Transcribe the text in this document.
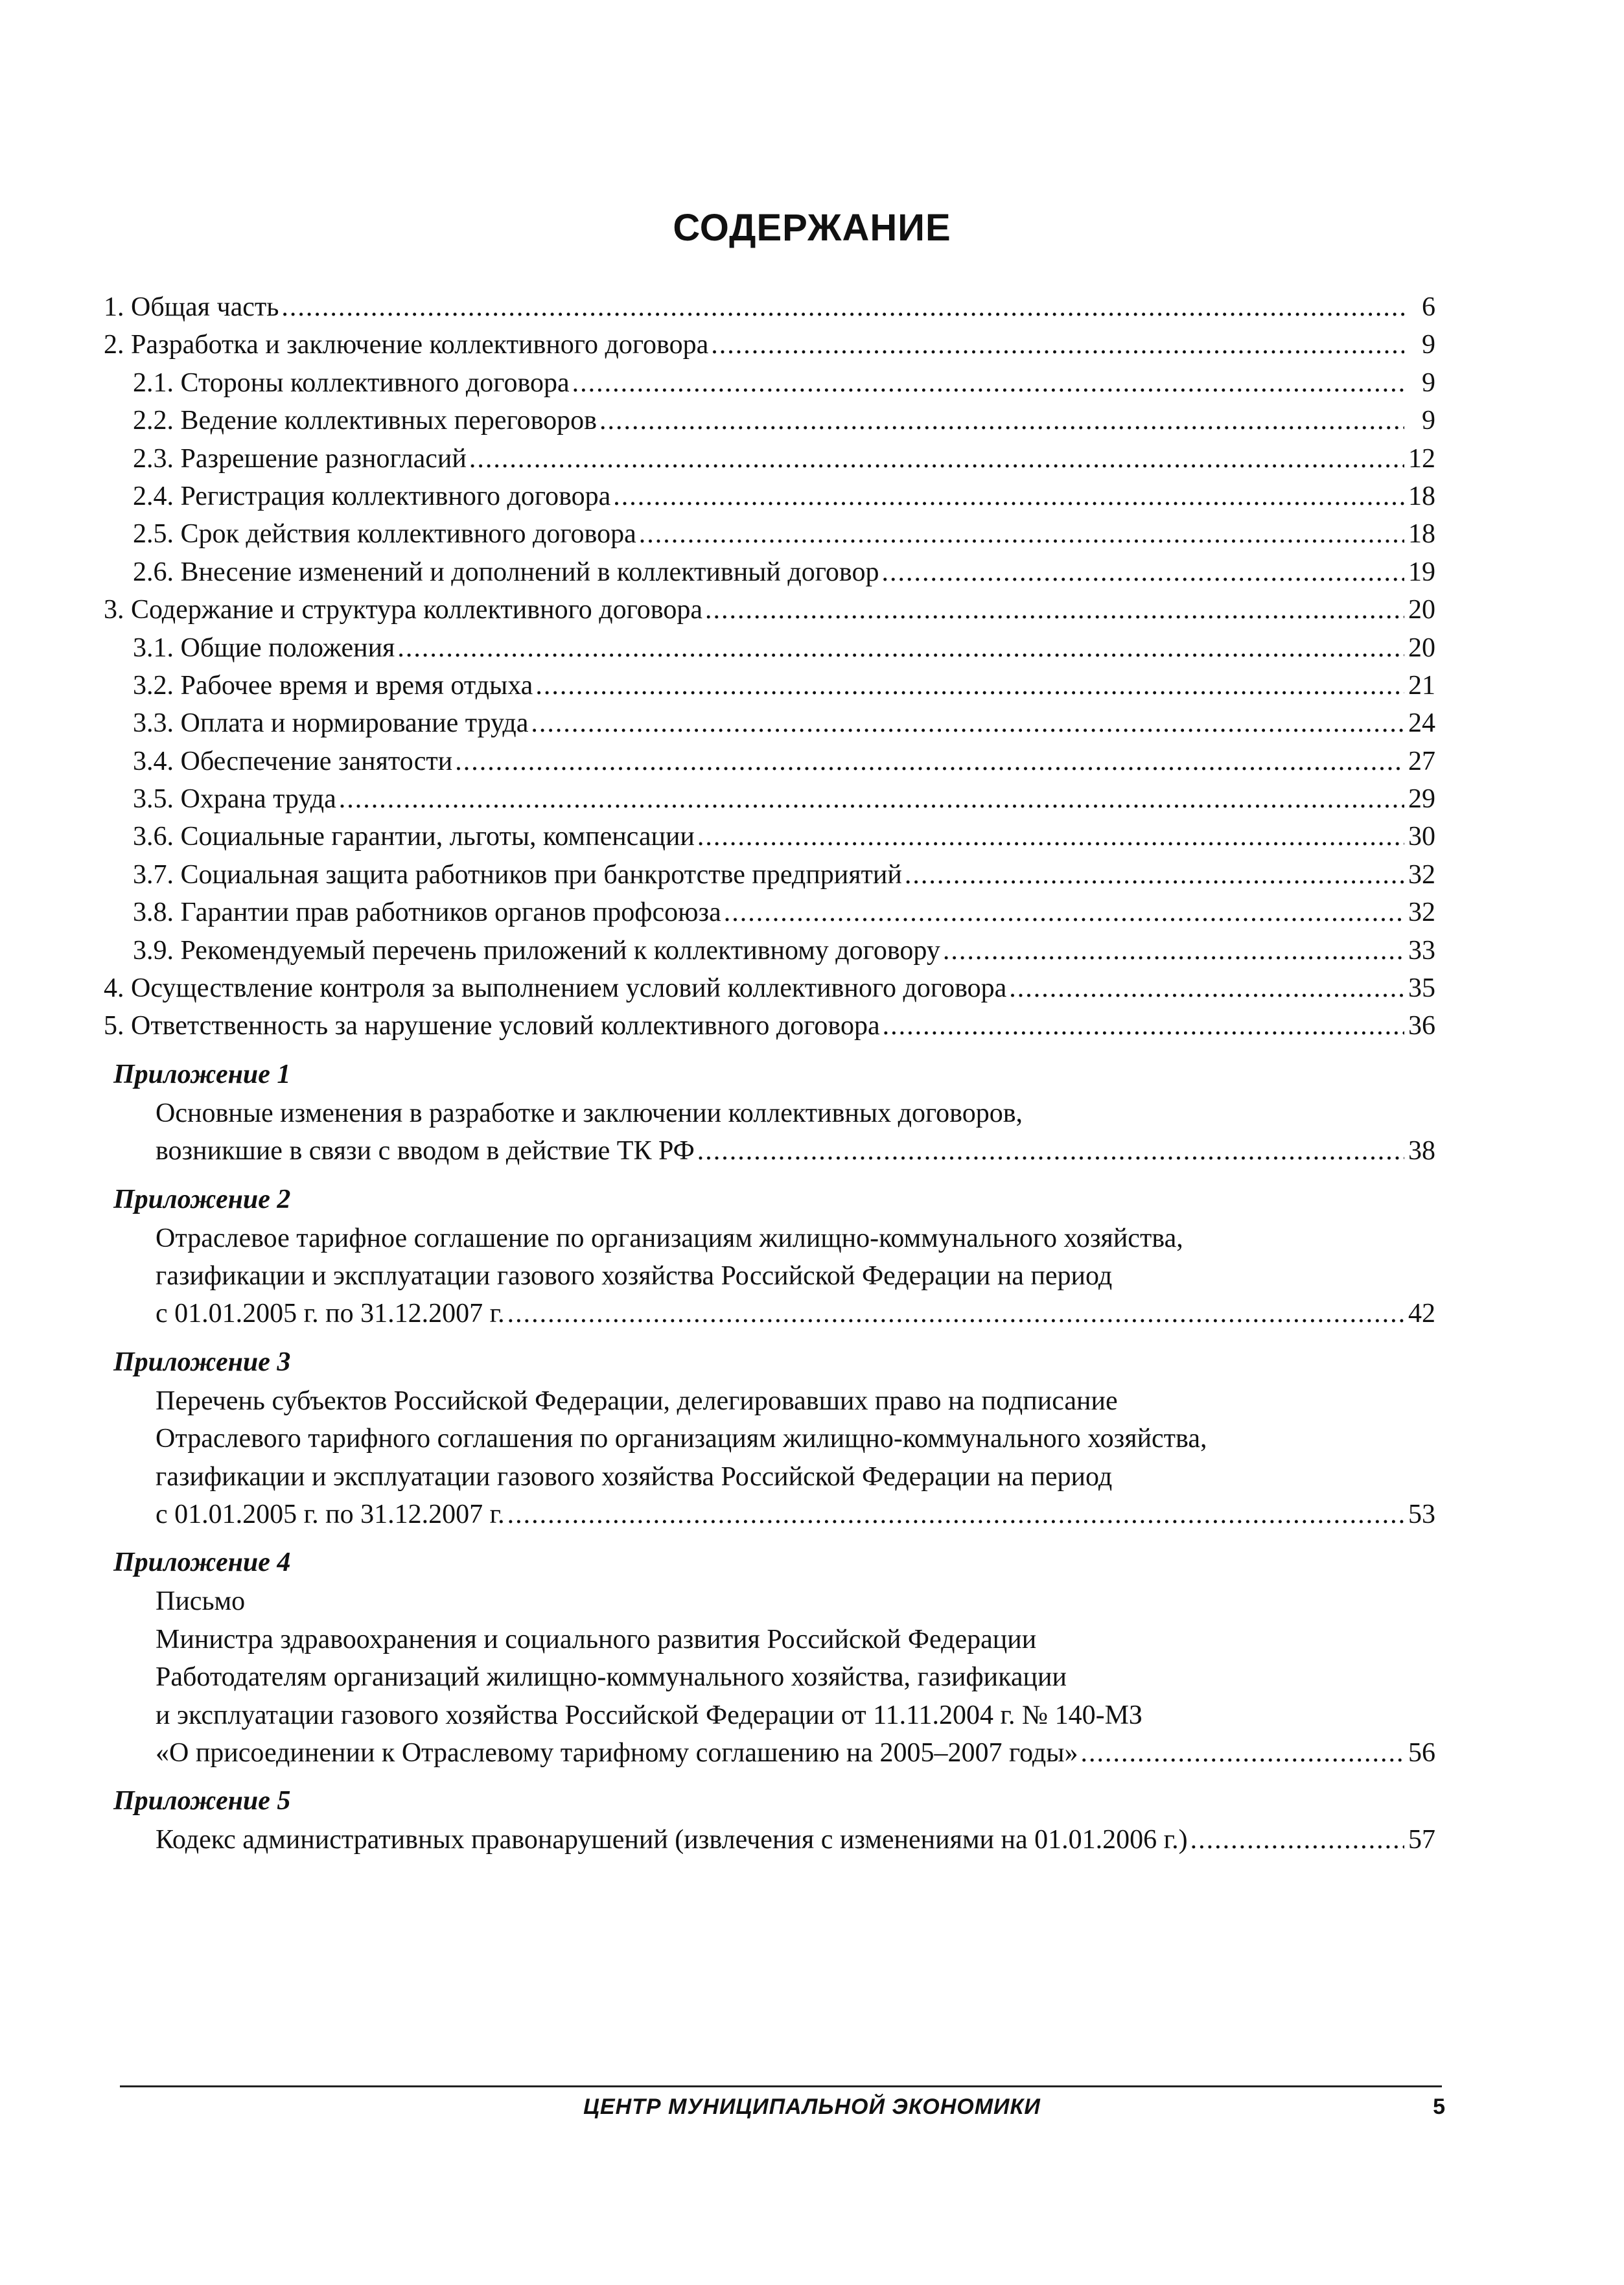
СОДЕРЖАНИЕ
1. Общая часть .....	6
2. Разработка и заключение коллективного договора .....	9
2.1. Стороны коллективного договора .....	9
2.2. Ведение коллективных переговоров .....	9
2.3. Разрешение разногласий .....	12
2.4. Регистрация коллективного договора .....	18
2.5. Срок действия коллективного договора .....	18
2.6. Внесение изменений и дополнений в коллективный договор .....	19
3. Содержание и структура коллективного договора .....	20
3.1. Общие положения .....	20
3.2. Рабочее время и время отдыха .....	21
3.3. Оплата и нормирование труда .....	24
3.4. Обеспечение занятости .....	27
3.5. Охрана труда .....	29
3.6. Социальные гарантии, льготы, компенсации .....	30
3.7. Социальная защита работников при банкротстве предприятий .....	32
3.8. Гарантии прав работников органов профсоюза .....	32
3.9. Рекомендуемый перечень приложений к коллективному договору .....	33
4. Осуществление контроля за выполнением условий коллективного договора .....	35
5. Ответственность за нарушение условий коллективного договора .....	36
Приложение 1
Основные изменения в разработке и заключении коллективных договоров,
возникшие в связи с вводом в действие ТК РФ .....	38
Приложение 2
Отраслевое тарифное соглашение по организациям жилищно-коммунального хозяйства,
газификации и эксплуатации газового хозяйства Российской Федерации на период
с 01.01.2005 г. по 31.12.2007 г. .....	42
Приложение 3
Перечень субъектов Российской Федерации, делегировавших право на подписание
Отраслевого тарифного соглашения по организациям жилищно-коммунального хозяйства,
газификации и эксплуатации газового хозяйства Российской Федерации на период
с 01.01.2005 г. по 31.12.2007 г. .....	53
Приложение 4
Письмо
Министра здравоохранения и социального развития Российской Федерации
Работодателям организаций жилищно-коммунального хозяйства, газификации
и эксплуатации газового хозяйства Российской Федерации от 11.11.2004 г. № 140-МЗ
«О присоединении к Отраслевому тарифному соглашению на 2005–2007 годы» .....	56
Приложение 5
Кодекс административных правонарушений (извлечения с изменениями на 01.01.2006 г.) .....	57
ЦЕНТР МУНИЦИПАЛЬНОЙ ЭКОНОМИКИ	5
